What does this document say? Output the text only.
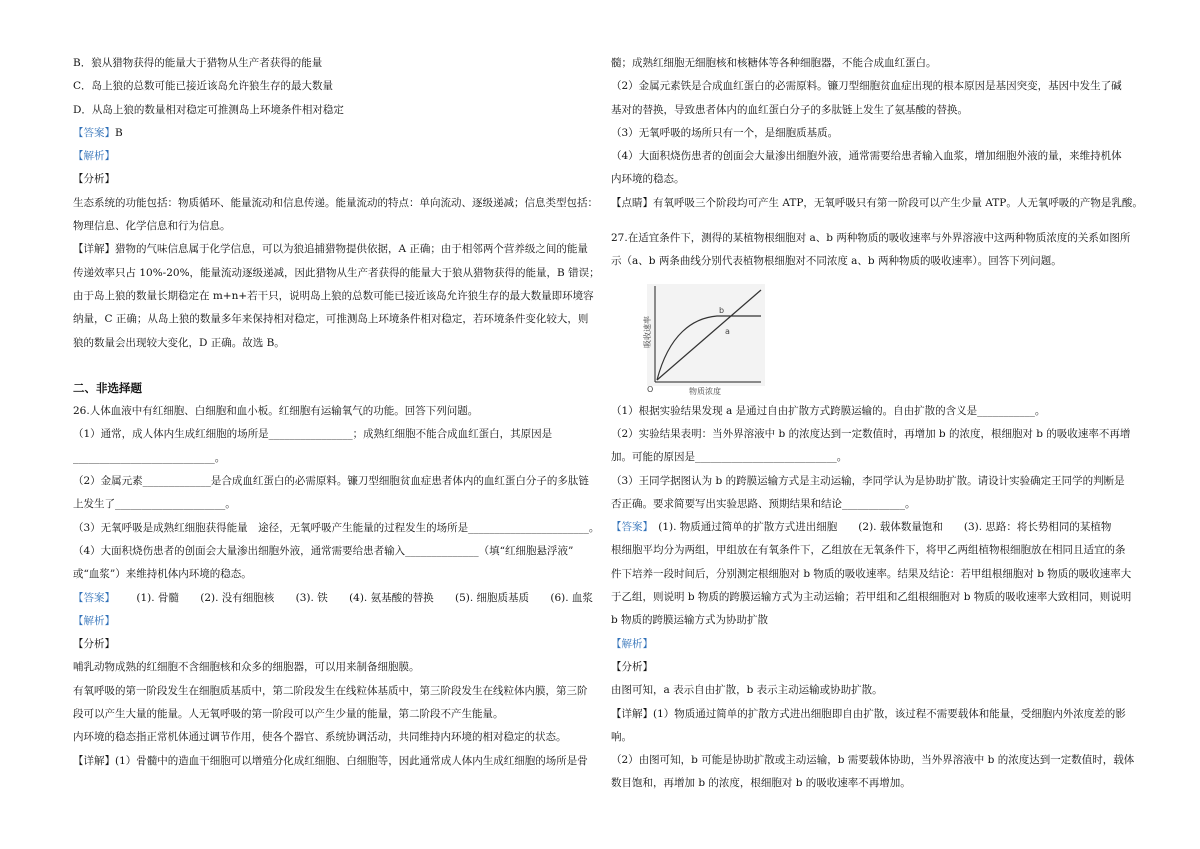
B．狼从猎物获得的能量大于猎物从生产者获得的能量
C．岛上狼的总数可能已接近该岛允许狼生存的最大数量
D．从岛上狼的数量相对稳定可推测岛上环境条件相对稳定
【答案】B
【解析】
【分析】
生态系统的功能包括：物质循环、能量流动和信息传递。能量流动的特点：单向流动、逐级递减；信息类型包括：
物理信息、化学信息和行为信息。
【详解】猎物的气味信息属于化学信息，可以为狼追捕猎物提供依据，A 正确；由于相邻两个营养级之间的能量
传递效率只占 10%-20%，能量流动逐级递减，因此猎物从生产者获得的能量大于狼从猎物获得的能量，B 错误；
由于岛上狼的数量长期稳定在 m+n+若干只，说明岛上狼的总数可能已接近该岛允许狼生存的最大数量即环境容
纳量，C 正确；从岛上狼的数量多年来保持相对稳定，可推测岛上环境条件相对稳定，若环境条件变化较大，则
狼的数量会出现较大变化，D 正确。故选 B。
二、非选择题
26.人体血液中有红细胞、白细胞和血小板。红细胞有运输氧气的功能。回答下列问题。
（1）通常，成人体内生成红细胞的场所是________________；成熟红细胞不能合成血红蛋白，其原因是
___________________________。
（2）金属元素_____________是合成血红蛋白的必需原料。镰刀型细胞贫血症患者体内的血红蛋白分子的多肽链
上发生了_____________________。
（3）无氧呼吸是成熟红细胞获得能量　途径，无氧呼吸产生能量的过程发生的场所是_______________________。
（4）大面积烧伤患者的创面会大量渗出细胞外液，通常需要给患者输入______________（填“红细胞悬浮液”
或“血浆”）来维持机体内环境的稳态。
【答案】 (1). 骨髓 (2). 没有细胞核 (3). 铁 (4). 氨基酸的替换 (5). 细胞质基质 (6). 血浆
【解析】
【分析】
哺乳动物成熟的红细胞不含细胞核和众多的细胞器，可以用来制备细胞膜。
有氧呼吸的第一阶段发生在细胞质基质中，第二阶段发生在线粒体基质中，第三阶段发生在线粒体内膜，第三阶
段可以产生大量的能量。人无氧呼吸的第一阶段可以产生少量的能量，第二阶段不产生能量。
内环境的稳态指正常机体通过调节作用，使各个器官、系统协调活动，共同维持内环境的相对稳定的状态。
【详解】(1）骨髓中的造血干细胞可以增殖分化成红细胞、白细胞等，因此通常成人体内生成红细胞的场所是骨
髓；成熟红细胞无细胞核和核糖体等各种细胞器，不能合成血红蛋白。
（2）金属元素铁是合成血红蛋白的必需原料。镰刀型细胞贫血症出现的根本原因是基因突变，基因中发生了碱
基对的替换，导致患者体内的血红蛋白分子的多肽链上发生了氨基酸的替换。
（3）无氧呼吸的场所只有一个，是细胞质基质。
（4）大面积烧伤患者的创面会大量渗出细胞外液，通常需要给患者输入血浆，增加细胞外液的量，来维持机体
内环境的稳态。
【点睛】有氧呼吸三个阶段均可产生 ATP，无氧呼吸只有第一阶段可以产生少量 ATP。人无氧呼吸的产物是乳酸。
27.在适宜条件下，测得的某植物根细胞对 a、b 两种物质的吸收速率与外界溶液中这两种物质浓度的关系如图所
示（a、b 两条曲线分别代表植物根细胞对不同浓度 a、b 两种物质的吸收速率）。回答下列问题。
b
a
O	物质浓度
吸收速率
（1）根据实验结果发现 a 是通过自由扩散方式跨膜运输的。自由扩散的含义是___________。
（2）实验结果表明：当外界溶液中 b 的浓度达到一定数值时，再增加 b 的浓度，根细胞对 b 的吸收速率不再增
加。可能的原因是___________________________。
（3）王同学据图认为 b 的跨膜运输方式是主动运输，李同学认为是协助扩散。请设计实验确定王同学的判断是
否正确。要求简要写出实验思路、预期结果和结论____________。
【答案】　 (1). 物质通过简单的扩散方式进出细胞　　(2). 载体数量饱和　　(3). 思路：将长势相同的某植物
根细胞平均分为两组，甲组放在有氧条件下，乙组放在无氧条件下，将甲乙两组植物根细胞放在相同且适宜的条
件下培养一段时间后，分别测定根细胞对 b 物质的吸收速率。结果及结论：若甲组根细胞对 b 物质的吸收速率大
于乙组，则说明 b 物质的跨膜运输方式为主动运输；若甲组和乙组根细胞对 b 物质的吸收速率大致相同，则说明
b 物质的跨膜运输方式为协助扩散
【解析】
【分析】
由图可知，a 表示自由扩散，b 表示主动运输或协助扩散。
【详解】(1）物质通过简单的扩散方式进出细胞即自由扩散，该过程不需要载体和能量，受细胞内外浓度差的影
响。
（2）由图可知，b 可能是协助扩散或主动运输，b 需要载体协助，当外界溶液中 b 的浓度达到一定数值时，载体
数目饱和，再增加 b 的浓度，根细胞对 b 的吸收速率不再增加。
